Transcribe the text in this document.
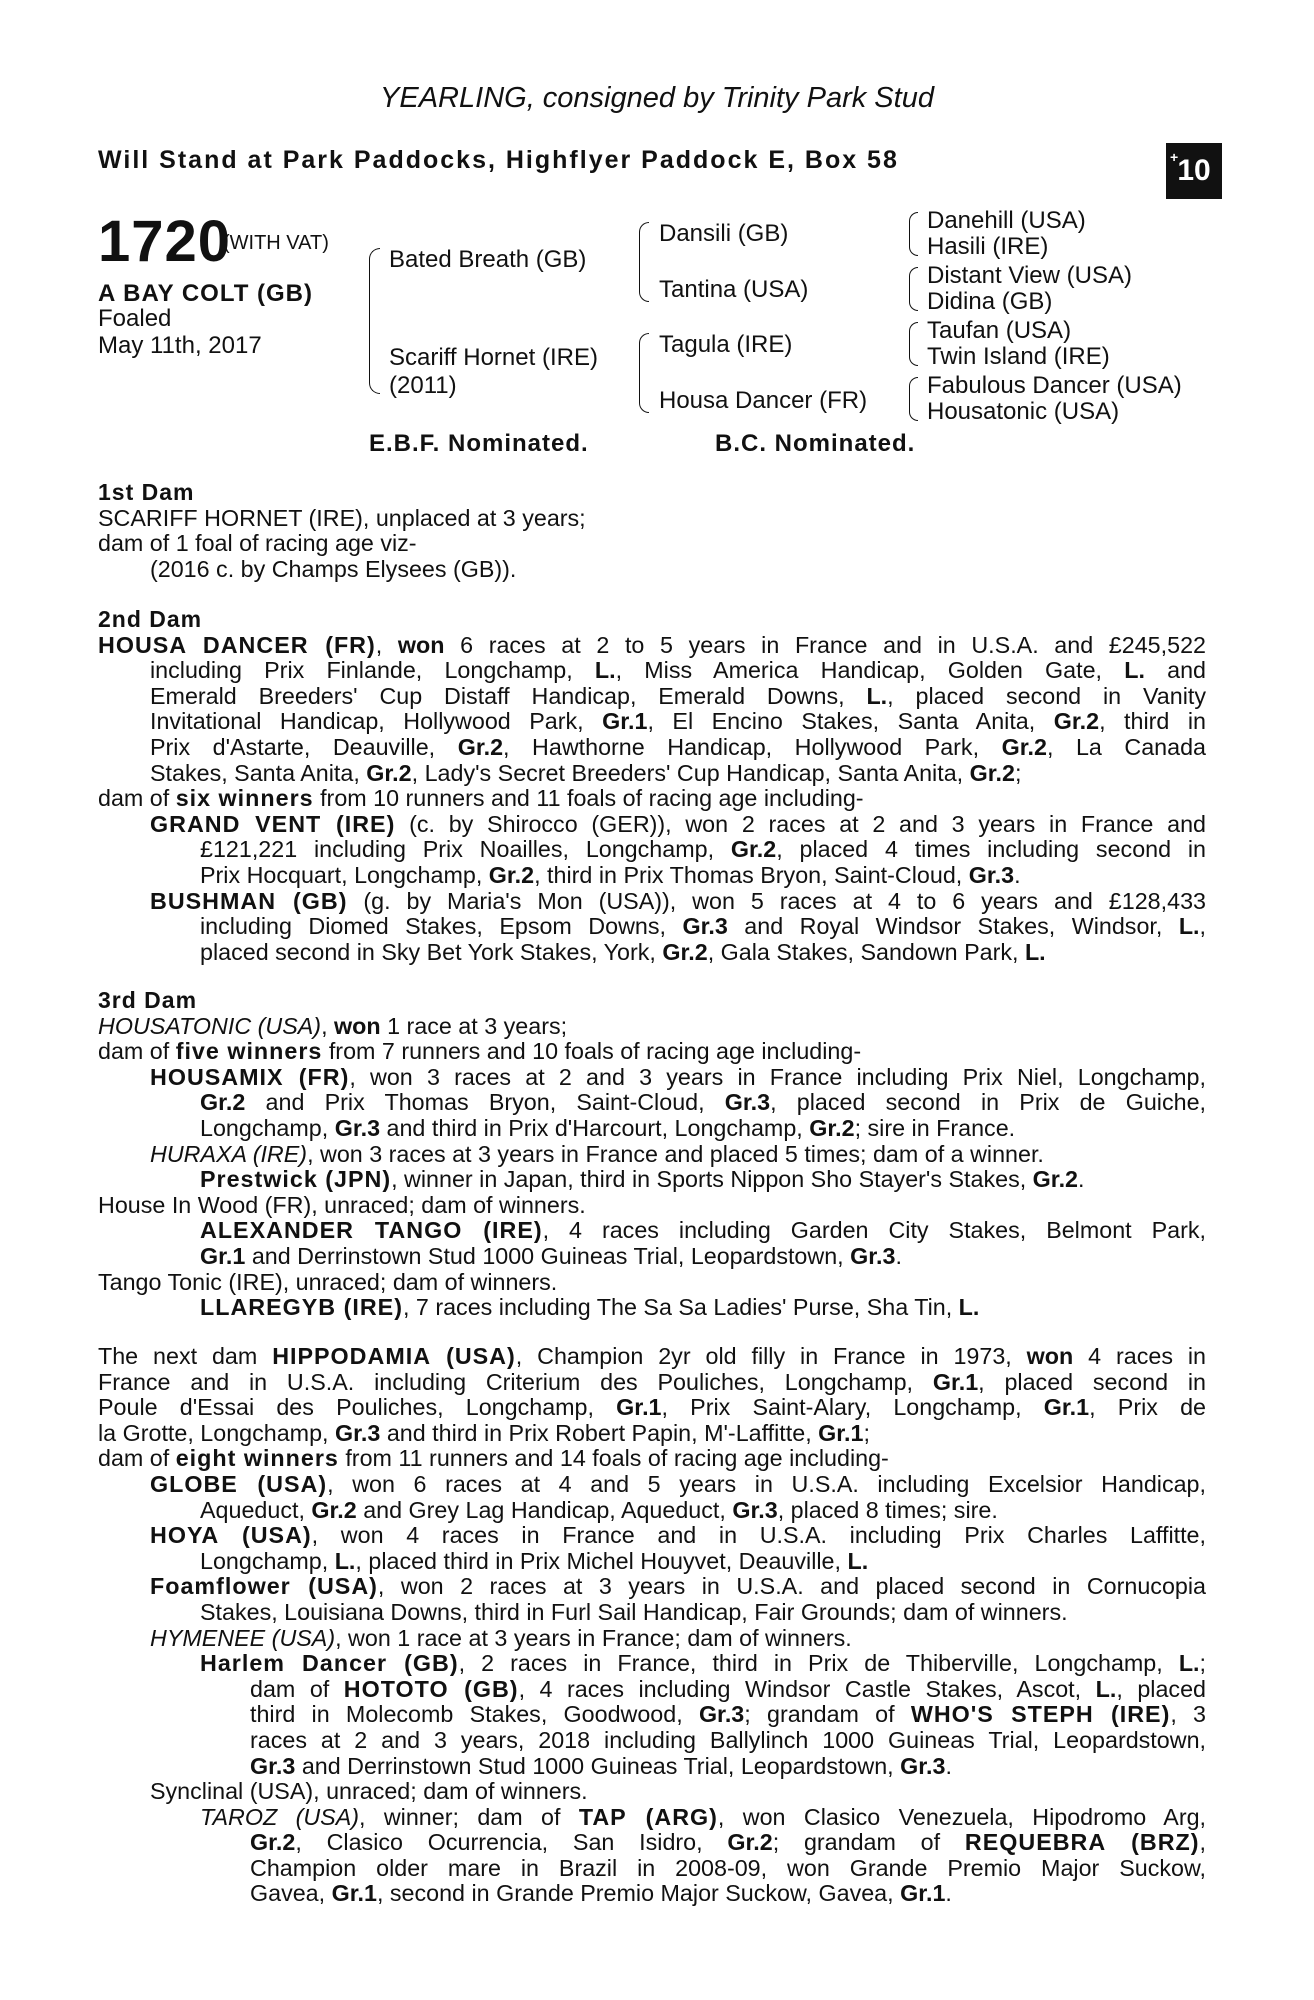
YEARLING, consigned by Trinity Park Stud
Will Stand at Park Paddocks, Highflyer Paddock E, Box 58	+ 10
1720
(WITH VAT)
A BAY COLT (GB)
Foaled
May 11th, 2017
Bated Breath (GB)
Scariff Hornet (IRE)
(2011)
Dansili (GB)
Tantina (USA)
Tagula (IRE)
Housa Dancer (FR)
Danehill (USA)
Hasili (IRE)
Distant View (USA)
Didina (GB)
Taufan (USA)
Twin Island (IRE)
Fabulous Dancer (USA)
Housatonic (USA)
E.B.F. Nominated.	B.C. Nominated.
1st Dam
SCARIFF HORNET (IRE), unplaced at 3 years;
dam of 1 foal of racing age viz-
(2016 c. by Champs Elysees (GB)).
2nd Dam
HOUSA DANCER (FR), won 6 races at 2 to 5 years in France and in U.S.A. and £245,522
including Prix Finlande, Longchamp, L., Miss America Handicap, Golden Gate, L. and
Emerald Breeders' Cup Distaff Handicap, Emerald Downs, L., placed second in Vanity
Invitational Handicap, Hollywood Park, Gr.1, El Encino Stakes, Santa Anita, Gr.2, third in
Prix d'Astarte, Deauville, Gr.2, Hawthorne Handicap, Hollywood Park, Gr.2, La Canada
Stakes, Santa Anita, Gr.2, Lady's Secret Breeders' Cup Handicap, Santa Anita, Gr.2;
dam of six winners from 10 runners and 11 foals of racing age including-
GRAND VENT (IRE) (c. by Shirocco (GER)), won 2 races at 2 and 3 years in France and
£121,221 including Prix Noailles, Longchamp, Gr.2, placed 4 times including second in
Prix Hocquart, Longchamp, Gr.2, third in Prix Thomas Bryon, Saint-Cloud, Gr.3.
BUSHMAN (GB) (g. by Maria's Mon (USA)), won 5 races at 4 to 6 years and £128,433
including Diomed Stakes, Epsom Downs, Gr.3 and Royal Windsor Stakes, Windsor, L.,
placed second in Sky Bet York Stakes, York, Gr.2, Gala Stakes, Sandown Park, L.
3rd Dam
HOUSATONIC (USA), won 1 race at 3 years;
dam of five winners from 7 runners and 10 foals of racing age including-
HOUSAMIX (FR), won 3 races at 2 and 3 years in France including Prix Niel, Longchamp,
Gr.2 and Prix Thomas Bryon, Saint-Cloud, Gr.3, placed second in Prix de Guiche,
Longchamp, Gr.3 and third in Prix d'Harcourt, Longchamp, Gr.2; sire in France.
HURAXA (IRE), won 3 races at 3 years in France and placed 5 times; dam of a winner.
Prestwick (JPN), winner in Japan, third in Sports Nippon Sho Stayer's Stakes, Gr.2.
House In Wood (FR), unraced; dam of winners.
ALEXANDER TANGO (IRE), 4 races including Garden City Stakes, Belmont Park,
Gr.1 and Derrinstown Stud 1000 Guineas Trial, Leopardstown, Gr.3.
Tango Tonic (IRE), unraced; dam of winners.
LLAREGYB (IRE), 7 races including The Sa Sa Ladies' Purse, Sha Tin, L.
The next dam HIPPODAMIA (USA), Champion 2yr old filly in France in 1973, won 4 races in
France and in U.S.A. including Criterium des Pouliches, Longchamp, Gr.1, placed second in
Poule d'Essai des Pouliches, Longchamp, Gr.1, Prix Saint-Alary, Longchamp, Gr.1, Prix de
la Grotte, Longchamp, Gr.3 and third in Prix Robert Papin, M'-Laffitte, Gr.1;
dam of eight winners from 11 runners and 14 foals of racing age including-
GLOBE (USA), won 6 races at 4 and 5 years in U.S.A. including Excelsior Handicap,
Aqueduct, Gr.2 and Grey Lag Handicap, Aqueduct, Gr.3, placed 8 times; sire.
HOYA (USA), won 4 races in France and in U.S.A. including Prix Charles Laffitte,
Longchamp, L., placed third in Prix Michel Houyvet, Deauville, L.
Foamflower (USA), won 2 races at 3 years in U.S.A. and placed second in Cornucopia
Stakes, Louisiana Downs, third in Furl Sail Handicap, Fair Grounds; dam of winners.
HYMENEE (USA), won 1 race at 3 years in France; dam of winners.
Harlem Dancer (GB), 2 races in France, third in Prix de Thiberville, Longchamp, L.;
dam of HOTOTO (GB), 4 races including Windsor Castle Stakes, Ascot, L., placed
third in Molecomb Stakes, Goodwood, Gr.3; grandam of WHO'S STEPH (IRE), 3
races at 2 and 3 years, 2018 including Ballylinch 1000 Guineas Trial, Leopardstown,
Gr.3 and Derrinstown Stud 1000 Guineas Trial, Leopardstown, Gr.3.
Synclinal (USA), unraced; dam of winners.
TAROZ (USA), winner; dam of TAP (ARG), won Clasico Venezuela, Hipodromo Arg,
Gr.2, Clasico Ocurrencia, San Isidro, Gr.2; grandam of REQUEBRA (BRZ),
Champion older mare in Brazil in 2008-09, won Grande Premio Major Suckow,
Gavea, Gr.1, second in Grande Premio Major Suckow, Gavea, Gr.1.
